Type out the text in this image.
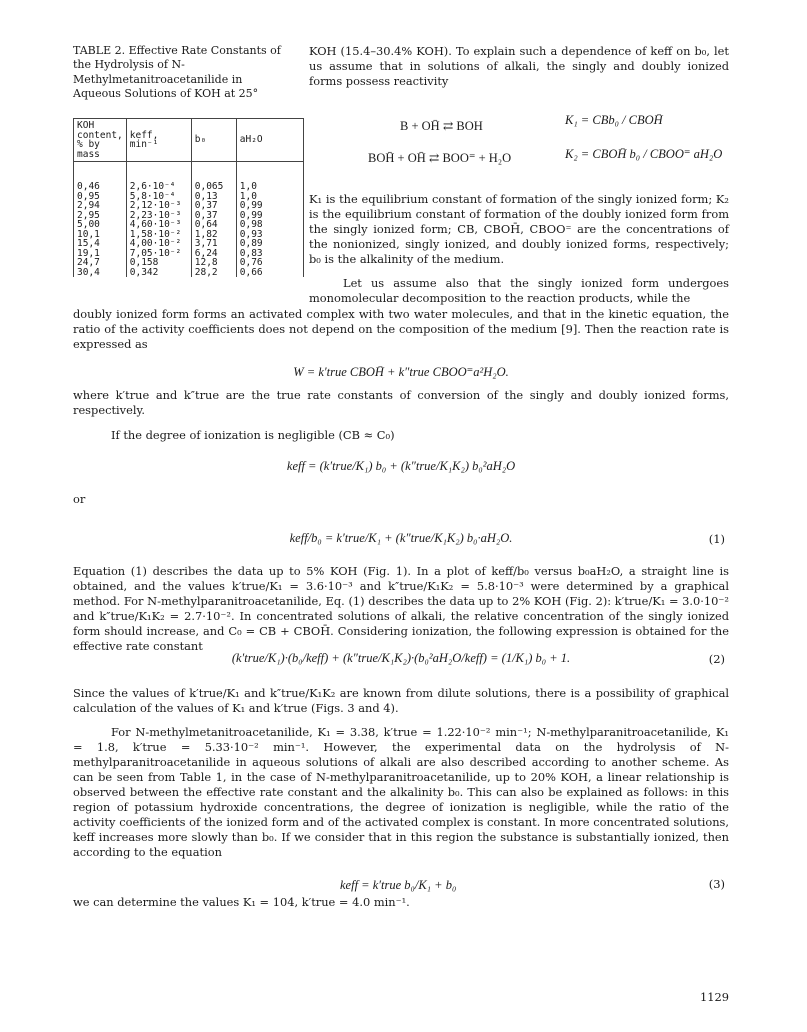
TABLE 2. Effective Rate Constants of the Hydrolysis of N-Methylmetanitroacetanilide in Aqueous Solutions of KOH at 25°
KOH content, % by mass	keff, min⁻¹	b₀	aH₂O

0,46	2,6·10⁻⁴	0,065	1,0
0,95	5,8·10⁻⁴	0,13	1,0
2,94	2,12·10⁻³	0,37	0,99
2,95	2,23·10⁻³	0,37	0,99
5,00	4,60·10⁻³	0,64	0,98
10,1	1,58·10⁻²	1,82	0,93
15,4	4,00·10⁻²	3,71	0,89
19,1	7,05·10⁻²	6,24	0,83
24,7	0,158	12,8	0,76
30,4	0,342	28,2	0,66
KOH (15.4–30.4% KOH). To explain such a dependence of keff on b₀, let us assume that in solutions of alkali, the singly and doubly ionized forms possess reactivity
B + OH̄ ⇄ BOH	K₁ = CBb₀ / CBOH̄
BOH̄ + OH̄ ⇄ BOO⁼ + H₂O	K₂ = CBOH̄ b₀ / CBOO⁼ aH₂O
K₁ is the equilibrium constant of formation of the singly ionized form; K₂ is the equilibrium constant of formation of the doubly ionized form from the singly ionized form; CB, CBOH̄, CBOO⁼ are the concentrations of the nonionized, singly ionized, and doubly ionized forms, respectively; b₀ is the alkalinity of the medium.
Let us assume also that the singly ionized form undergoes monomolecular decomposition to the reaction products, while the
doubly ionized form forms an activated complex with two water molecules, and that in the kinetic equation, the ratio of the activity coefficients does not depend on the composition of the medium [9]. Then the reaction rate is expressed as
W = k′true CBOH̄ + k″true CBOO⁼a²H₂O.
where k′true and k″true are the true rate constants of conversion of the singly and doubly ionized forms, respectively.
If the degree of ionization is negligible (CB ≈ C₀)
keff = (k′true/K₁) b₀ + (k″true/K₁K₂) b₀²aH₂O
or
keff/b₀ = k′true/K₁ + (k″true/K₁K₂) b₀·aH₂O.	(1)
Equation (1) describes the data up to 5% KOH (Fig. 1). In a plot of keff/b₀ versus b₀aH₂O, a straight line is obtained, and the values k′true/K₁ = 3.6·10⁻³ and k″true/K₁K₂ = 5.8·10⁻³ were determined by a graphical method. For N-methylparanitroacetanilide, Eq. (1) describes the data up to 2% KOH (Fig. 2): k′true/K₁ = 3.0·10⁻² and k″true/K₁K₂ = 2.7·10⁻². In concentrated solutions of alkali, the relative concentration of the singly ionized form should increase, and C₀ = CB + CBOH̄. Considering ionization, the following expression is obtained for the effective rate constant
(k′true/K₁)·(b₀/keff) + (k″true/K₁K₂)·(b₀²aH₂O/keff) = (1/K₁) b₀ + 1.	(2)
Since the values of k′true/K₁ and k″true/K₁K₂ are known from dilute solutions, there is a possibility of graphical calculation of the values of K₁ and k′true (Figs. 3 and 4).
For N-methylmetanitroacetanilide, K₁ = 3.38, k′true = 1.22·10⁻² min⁻¹; N-methylparanitroacetanilide, K₁ = 1.8, k′true = 5.33·10⁻² min⁻¹. However, the experimental data on the hydrolysis of N-methylparanitroacetanilide in aqueous solutions of alkali are also described according to another scheme. As can be seen from Table 1, in the case of N-methylparanitroacetanilide, up to 20% KOH, a linear relationship is observed between the effective rate constant and the alkalinity b₀. This can also be explained as follows: in this region of potassium hydroxide concentrations, the degree of ionization is negligible, while the ratio of the activity coefficients of the ionized form and of the activated complex is constant. In more concentrated solutions, keff increases more slowly than b₀. If we consider that in this region the substance is substantially ionized, then according to the equation
keff = k′true b₀/K₁ + b₀	(3)
we can determine the values K₁ = 104, k′true = 4.0 min⁻¹.
1129
